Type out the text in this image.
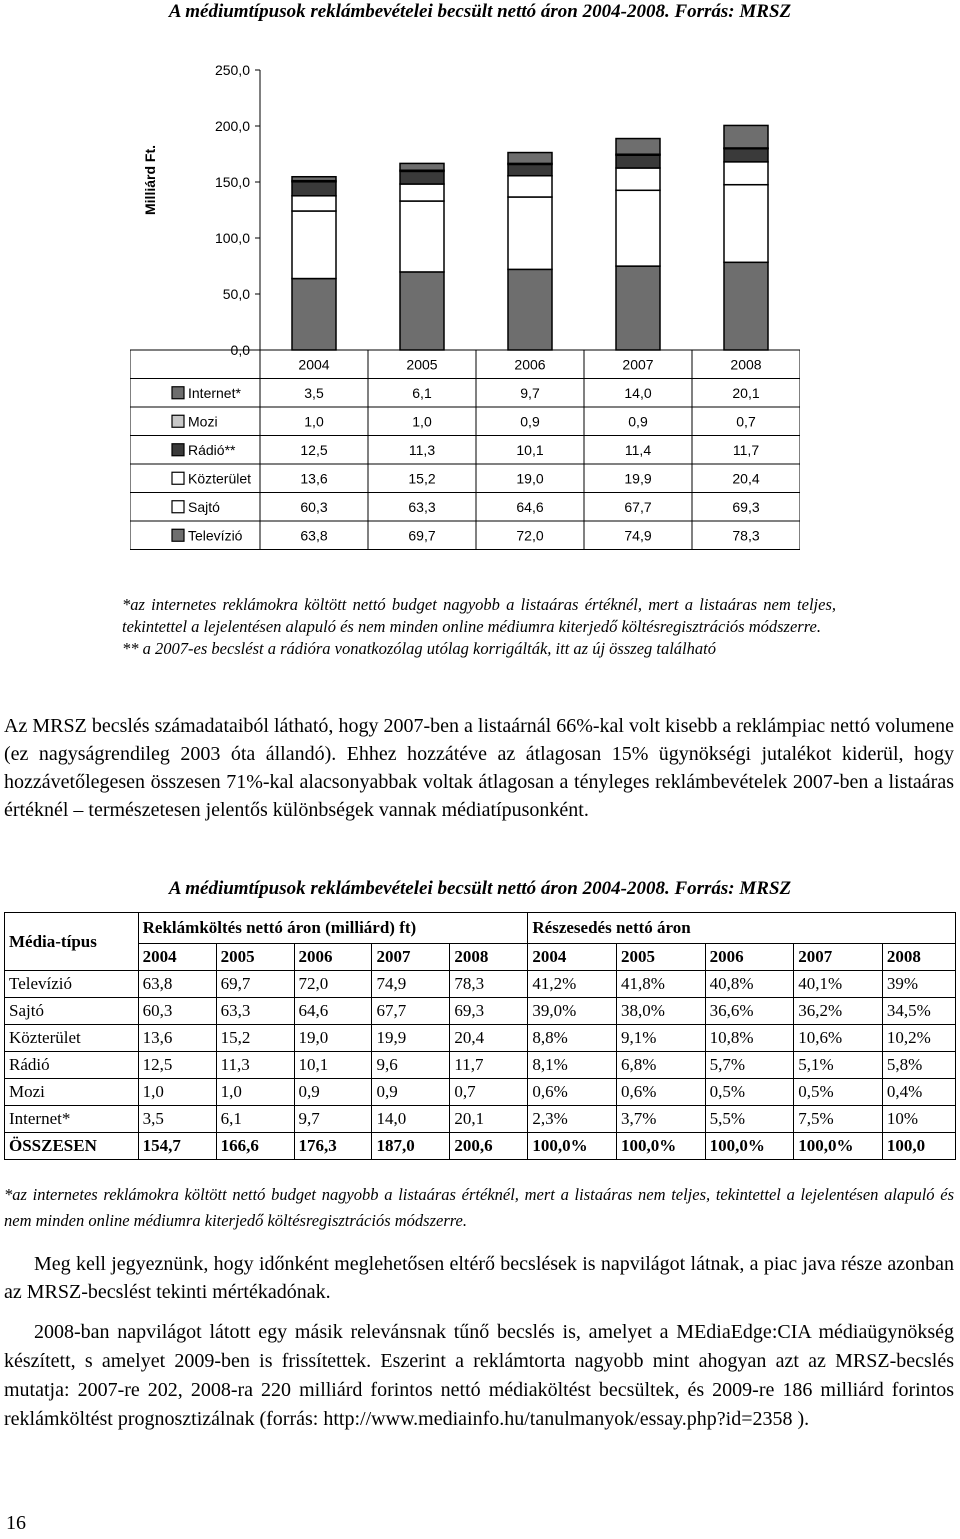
A médiumtípusok reklámbevételei becsült nettó áron 2004-2008. Forrás: MRSZ
250,0
200,0
150,0
100,0
50,0
0,0
Milliárd Ft.
2004	2005	2006	2007	2008
Internet*	3,5	6,1	9,7	14,0	20,1
Mozi	1,0	1,0	0,9	0,9	0,7
Rádió**	12,5	11,3	10,1	11,4	11,7
Közterület	13,6	15,2	19,0	19,9	20,4
Sajtó	60,3	63,3	64,6	67,7	69,3
Televízió	63,8	69,7	72,0	74,9	78,3

*az internetes reklámokra költött nettó budget nagyobb a listaáras értéknél, mert a listaáras nem teljes, tekintettel a lejelentésen alapuló és nem minden online médiumra kiterjedő költésregisztrációs módszerre.

** a 2007-es becslést a rádióra vonatkozólag utólag korrigálták, itt az új összeg található

Az MRSZ becslés számadataiból látható, hogy 2007-ben a listaárnál 66%-kal volt kisebb a reklámpiac nettó volumene (ez nagyságrendileg 2003 óta állandó). Ehhez hozzátéve az átlagosan 15% ügynökségi jutalékot kiderül, hogy hozzávetőlegesen összesen 71%-kal alacsonyabbak voltak átlagosan a tényleges reklámbevételek 2007-ben a listaáras értéknél – természetesen jelentős különbségek vannak médiatípusonként.

A médiumtípusok reklámbevételei becsült nettó áron 2004-2008. Forrás: MRSZ
Média-típus	Reklámköltés nettó áron (milliárd) ft)					Részesedés nettó áron				
	2004	2005	2006	2007	2008	2004	2005	2006	2007	2008
Televízió	63,8	69,7	72,0	74,9	78,3	41,2%	41,8%	40,8%	40,1%	39%
Sajtó	60,3	63,3	64,6	67,7	69,3	39,0%	38,0%	36,6%	36,2%	34,5%
Közterület	13,6	15,2	19,0	19,9	20,4	8,8%	9,1%	10,8%	10,6%	10,2%
Rádió	12,5	11,3	10,1	9,6	11,7	8,1%	6,8%	5,7%	5,1%	5,8%
Mozi	1,0	1,0	0,9	0,9	0,7	0,6%	0,6%	0,5%	0,5%	0,4%
Internet*	3,5	6,1	9,7	14,0	20,1	2,3%	3,7%	5,5%	7,5%	10%
ÖSSZESEN	154,7	166,6	176,3	187,0	200,6	100,0%	100,0%	100,0%	100,0%	100,0
*az internetes reklámokra költött nettó budget nagyobb a listaáras értéknél, mert a listaáras nem teljes, tekintettel a lejelentésen alapuló és nem minden online médiumra kiterjedő költésregisztrációs módszerre.

Meg kell jegyeznünk, hogy időnként meglehetősen eltérő becslések is napvilágot látnak, a piac java része azonban az MRSZ-becslést tekinti mértékadónak.

2008-ban napvilágot látott egy másik relevánsnak tűnő becslés is, amelyet a MEdiaEdge:CIA médiaügynökség készített, s amelyet 2009-ben is frissítettek. Eszerint a reklámtorta nagyobb mint ahogyan azt az MRSZ-becslés mutatja: 2007-re 202, 2008-ra 220 milliárd forintos nettó médiaköltést becsültek, és 2009-re 186 milliárd forintos reklámköltést prognosztizálnak (forrás: http://www.mediainfo.hu/tanulmanyok/essay.php?id=2358 ).

16
